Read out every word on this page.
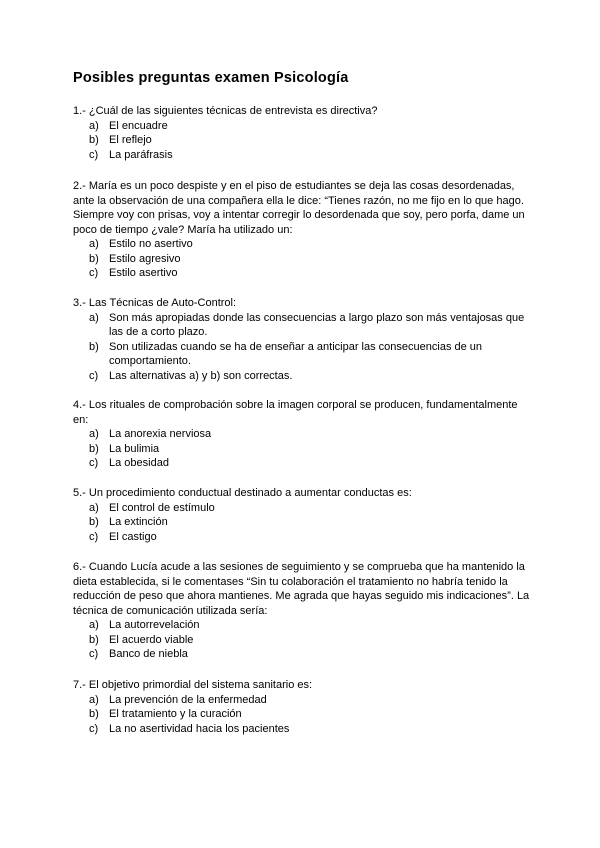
Posibles preguntas examen Psicología

1.- ¿Cuál de las siguientes técnicas de entrevista es directiva?

a) El encuadre
b) El reflejo
c) La paráfrasis

2.- María es un poco despiste y en el piso de estudiantes se deja las cosas desordenadas, ante la observación de una compañera ella le dice: “Tienes razón, no me fijo en lo que hago. Siempre voy con prisas, voy a intentar corregir lo desordenada que soy, pero porfa, dame un poco de tiempo ¿vale? María ha utilizado un:

a) Estilo no asertivo
b) Estilo agresivo
c) Estilo asertivo

3.- Las Técnicas de Auto-Control:

a) Son más apropiadas donde las consecuencias a largo plazo son más ventajosas que las de a corto plazo.
b) Son utilizadas cuando se ha de enseñar a anticipar las consecuencias de un comportamiento.
c) Las alternativas a) y b) son correctas.

4.- Los rituales de comprobación sobre la imagen corporal se producen, fundamentalmente en:

a) La anorexia nerviosa
b) La bulimia
c) La obesidad

5.- Un procedimiento conductual destinado a aumentar conductas es:

a) El control de estímulo
b) La extinción
c) El castigo

6.- Cuando Lucía acude a las sesiones de seguimiento y se comprueba que ha mantenido la dieta establecida, si le comentases “Sin tu colaboración el tratamiento no habría tenido la reducción de peso que ahora mantienes. Me agrada que hayas seguido mis indicaciones”. La técnica de comunicación utilizada sería:

a) La autorrevelación
b) El acuerdo viable
c) Banco de niebla

7.- El objetivo primordial del sistema sanitario es:

a) La prevención de la enfermedad
b) El tratamiento y la curación
c) La no asertividad hacia los pacientes
